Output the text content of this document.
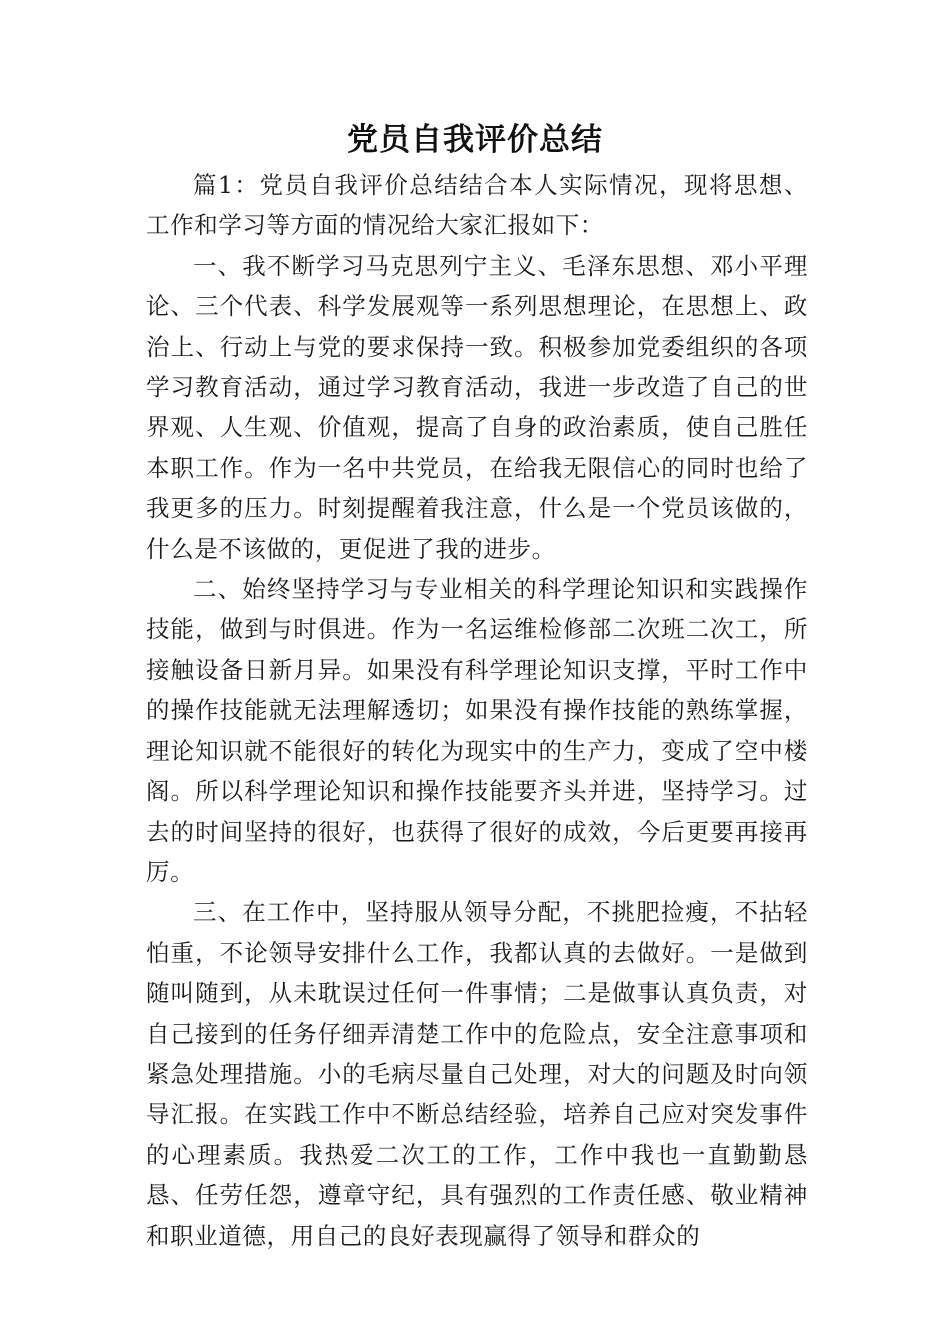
党员自我评价总结

篇1：党员自我评价总结结合本人实际情况，现将思想、工作和学习等方面的情况给大家汇报如下：

一、我不断学习马克思列宁主义、毛泽东思想、邓小平理论、三个代表、科学发展观等一系列思想理论，在思想上、政治上、行动上与党的要求保持一致。积极参加党委组织的各项学习教育活动，通过学习教育活动，我进一步改造了自己的世界观、人生观、价值观，提高了自身的政治素质，使自己胜任本职工作。作为一名中共党员，在给我无限信心的同时也给了我更多的压力。时刻提醒着我注意，什么是一个党员该做的，什么是不该做的，更促进了我的进步。

二、始终坚持学习与专业相关的科学理论知识和实践操作技能，做到与时俱进。作为一名运维检修部二次班二次工，所接触设备日新月异。如果没有科学理论知识支撑，平时工作中的操作技能就无法理解透切；如果没有操作技能的熟练掌握，理论知识就不能很好的转化为现实中的生产力，变成了空中楼阁。所以科学理论知识和操作技能要齐头并进，坚持学习。过去的时间坚持的很好，也获得了很好的成效，今后更要再接再厉。

三、在工作中，坚持服从领导分配，不挑肥捡瘦，不拈轻怕重，不论领导安排什么工作，我都认真的去做好。一是做到随叫随到，从未耽误过任何一件事情；二是做事认真负责，对自己接到的任务仔细弄清楚工作中的危险点，安全注意事项和紧急处理措施。小的毛病尽量自己处理，对大的问题及时向领导汇报。在实践工作中不断总结经验，培养自己应对突发事件的心理素质。我热爱二次工的工作，工作中我也一直勤勤恳恳、任劳任怨，遵章守纪，具有强烈的工作责任感、敬业精神和职业道德，用自己的良好表现赢得了领导和群众的
